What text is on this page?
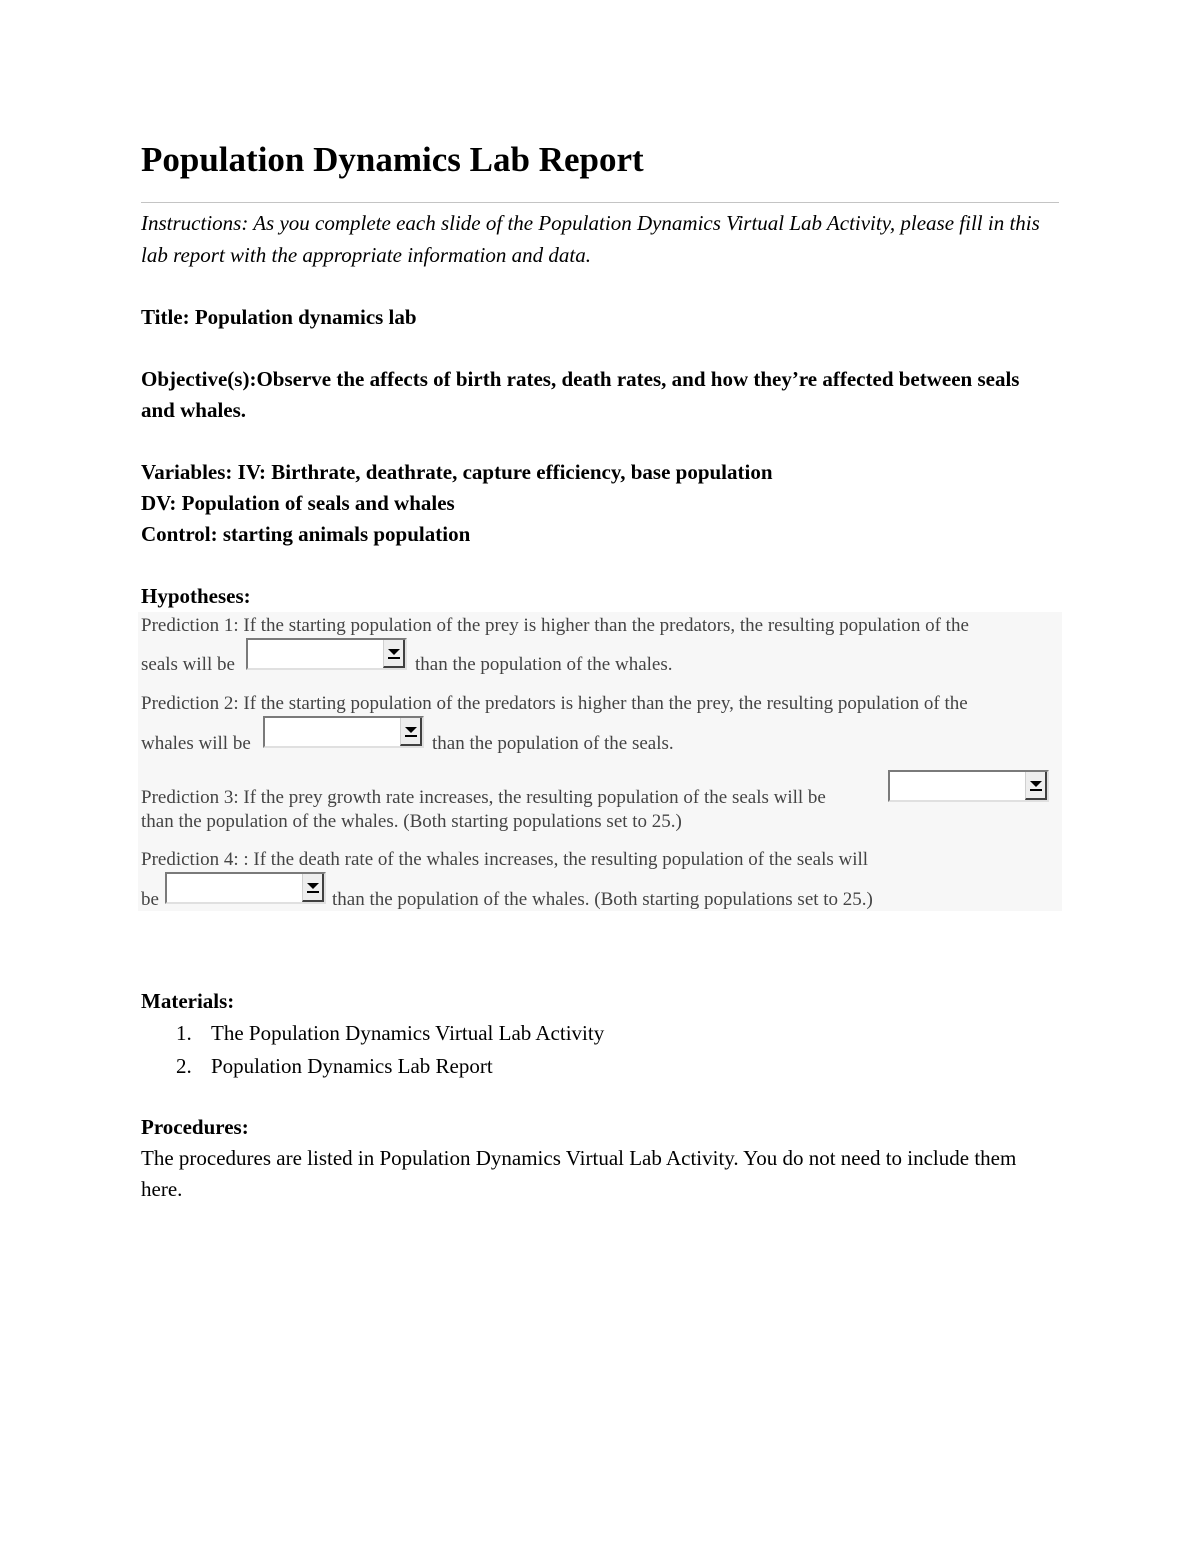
Population Dynamics Lab Report

Instructions: As you complete each slide of the Population Dynamics Virtual Lab Activity, please fill in this lab report with the appropriate information and data.

Title: Population dynamics lab

Objective(s):Observe the affects of birth rates, death rates, and how they’re affected between seals and whales.

Variables: IV: Birthrate, deathrate, capture efficiency, base population

DV: Population of seals and whales

Control: starting animals population

Hypotheses:

Prediction 1: If the starting population of the prey is higher than the predators, the resulting population of the
seals will be	than the population of the whales.
Prediction 2: If the starting population of the predators is higher than the prey, the resulting population of the
whales will be	than the population of the seals.
Prediction 3: If the prey growth rate increases, the resulting population of the seals will be
than the population of the whales. (Both starting populations set to 25.)
Prediction 4: : If the death rate of the whales increases, the resulting population of the seals will
be	than the population of the whales. (Both starting populations set to 25.)

Materials:

1. The Population Dynamics Virtual Lab Activity
2. Population Dynamics Lab Report

Procedures:

The procedures are listed in Population Dynamics Virtual Lab Activity. You do not need to include them here.
